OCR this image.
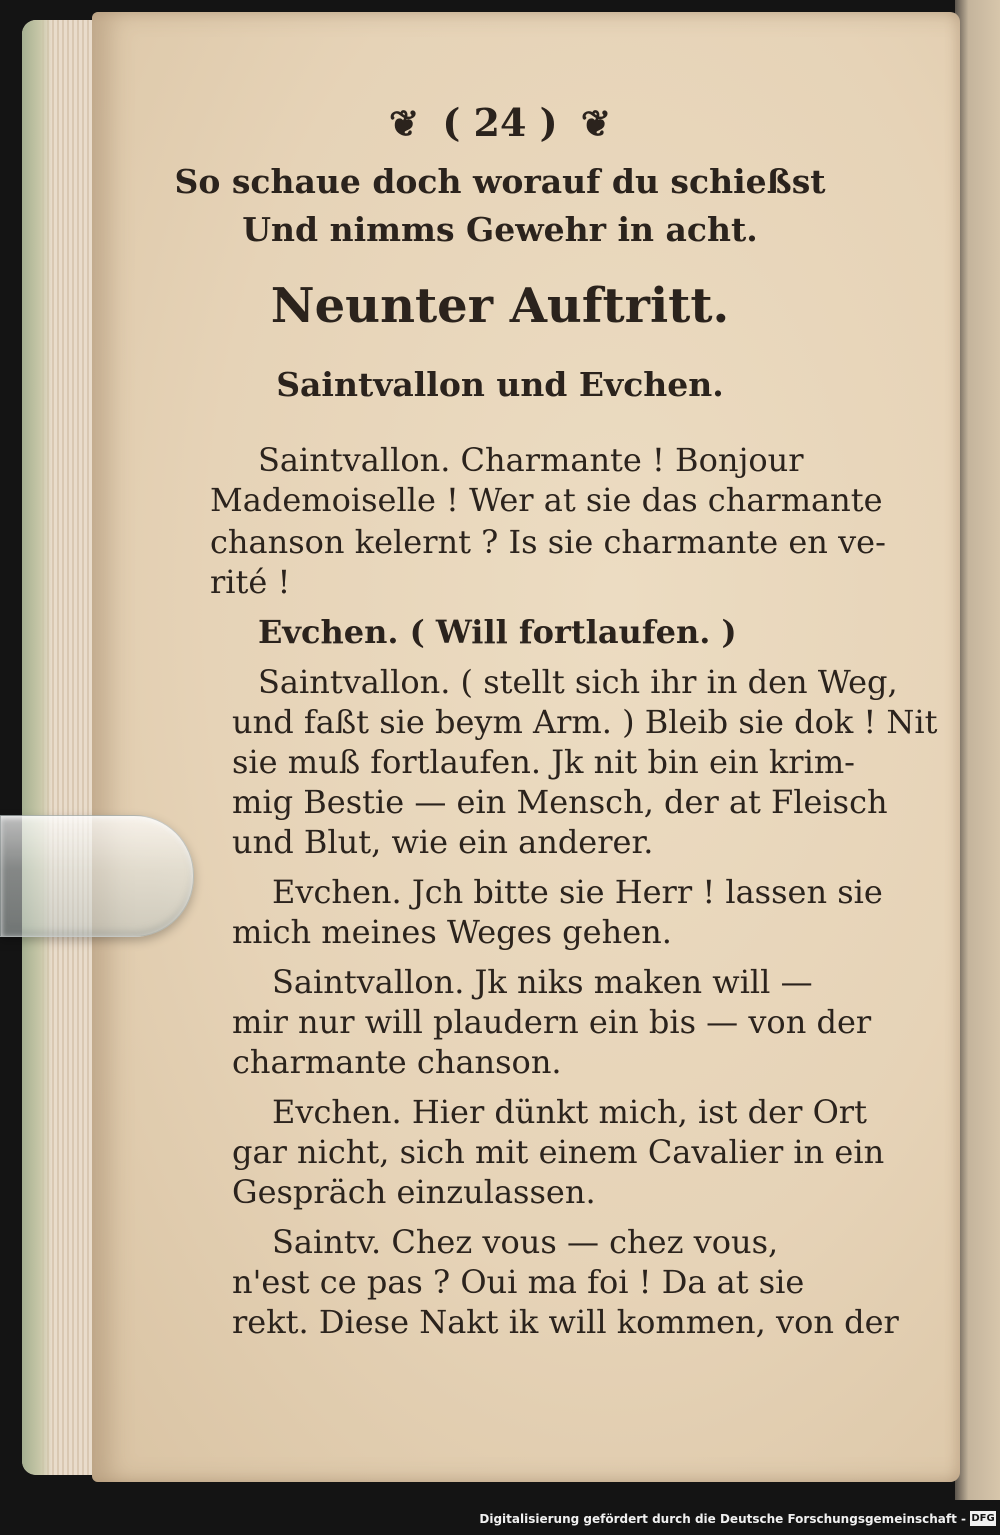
❦ ( 24 ) ❦
So schaue doch worauf du schießst
Und nimms Gewehr in acht.
Neunter Auftritt.
Saintvallon und Evchen.
Saintvallon. Charmante ! Bonjour
Mademoiselle ! Wer at sie das charmante
chanson kelernt ? Is sie charmante en ve-
rité !
Evchen. ( Will fortlaufen. )
Saintvallon. ( stellt sich ihr in den Weg,
und faßt sie beym Arm. ) Bleib sie dok ! Nit
sie muß fortlaufen. Jk nit bin ein krim-
mig Bestie — ein Mensch, der at Fleisch
und Blut, wie ein anderer.
Evchen. Jch bitte sie Herr ! lassen sie
mich meines Weges gehen.
Saintvallon. Jk niks maken will —
mir nur will plaudern ein bis — von der
charmante chanson.
Evchen. Hier dünkt mich, ist der Ort
gar nicht, sich mit einem Cavalier in ein
Gespräch einzulassen.
Saintv. Chez vous — chez vous,
n'est ce pas ? Oui ma foi ! Da at sie
rekt. Diese Nakt ik will kommen, von der
Digitalisierung gefördert durch die Deutsche Forschungsgemeinschaft - DFG
